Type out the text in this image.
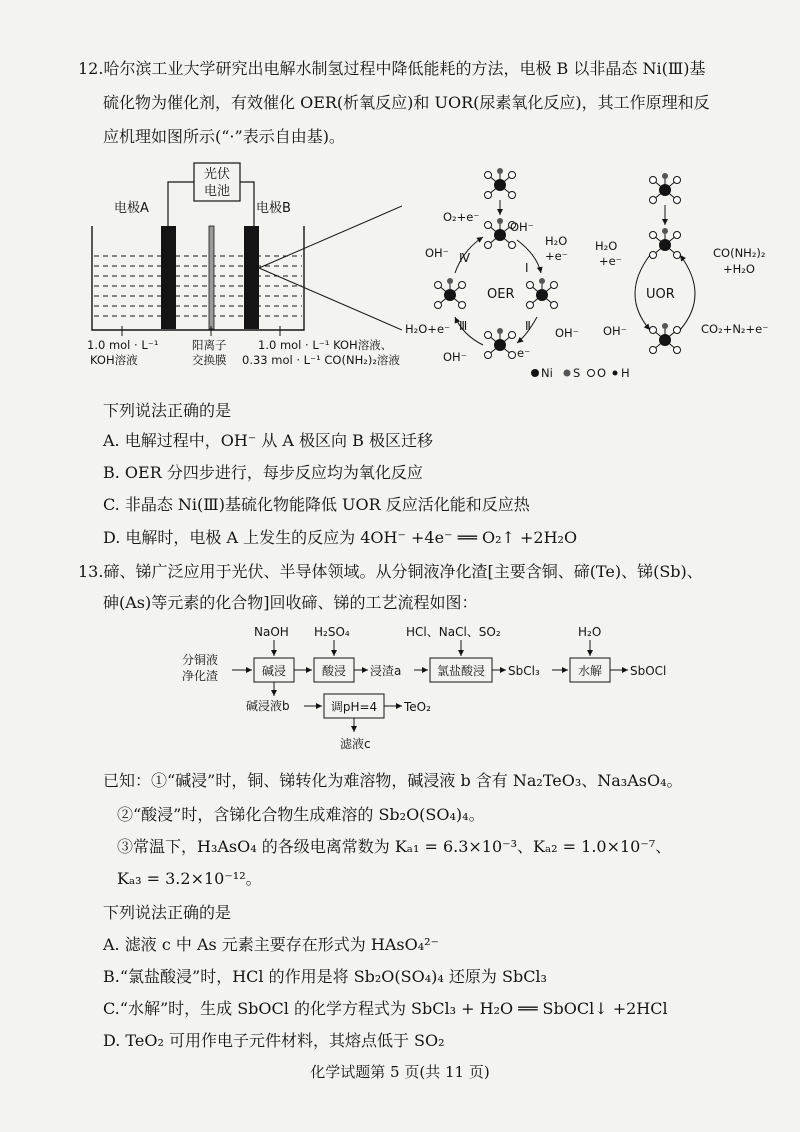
12.哈尔滨工业大学研究出电解水制氢过程中降低能耗的方法，电极 B 以非晶态 Ni(Ⅲ)基
硫化物为催化剂，有效催化 OER(析氧反应)和 UOR(尿素氧化反应)，其工作原理和反
应机理如图所示(“·”表示自由基)。
光伏
电池
电极A	电极B
1.0 mol · L⁻¹
KOH溶液
阳离子
交换膜
1.0 mol · L⁻¹ KOH溶液、
0.33 mol · L⁻¹ CO(NH₂)₂溶液
OER
Ⅰ
Ⅱ
Ⅲ
Ⅳ
O₂+e⁻
OH⁻
OH⁻
H₂O
+e⁻
H₂O+e⁻	OH⁻
e⁻
OH⁻
UOR
H₂O
+e⁻
CO(NH₂)₂
+H₂O
OH⁻	CO₂+N₂+e⁻
Ni S O H
下列说法正确的是
A. 电解过程中，OH⁻ 从 A 极区向 B 极区迁移
B. OER 分四步进行，每步反应均为氧化反应
C. 非晶态 Ni(Ⅲ)基硫化物能降低 UOR 反应活化能和反应热
D. 电解时，电极 A 上发生的反应为 4OH⁻ +4e⁻ ══ O₂↑ +2H₂O
13.碲、锑广泛应用于光伏、半导体领域。从分铜液净化渣[主要含铜、碲(Te)、锑(Sb)、
砷(As)等元素的化合物]回收碲、锑的工艺流程如图：
分铜液
净化渣	碱浸
NaOH
酸浸
H₂SO₄
浸渣a	氯盐酸浸
HCl、NaCl、SO₂
SbCl₃	水解
H₂O
SbOCl
碱浸液b	调pH=4 TeO₂
滤液c
已知：①“碱浸”时，铜、锑转化为难溶物，碱浸液 b 含有 Na₂TeO₃、Na₃AsO₄。
②“酸浸”时，含锑化合物生成难溶的 Sb₂O(SO₄)₄。
③常温下，H₃AsO₄ 的各级电离常数为 Kₐ₁ = 6.3×10⁻³、Kₐ₂ = 1.0×10⁻⁷、
Kₐ₃ = 3.2×10⁻¹²。
下列说法正确的是
A. 滤液 c 中 As 元素主要存在形式为 HAsO₄²⁻
B.“氯盐酸浸”时，HCl 的作用是将 Sb₂O(SO₄)₄ 还原为 SbCl₃
C.“水解”时，生成 SbOCl 的化学方程式为 SbCl₃ + H₂O ══ SbOCl↓ +2HCl
D. TeO₂ 可用作电子元件材料，其熔点低于 SO₂
化学试题第 5 页(共 11 页)
